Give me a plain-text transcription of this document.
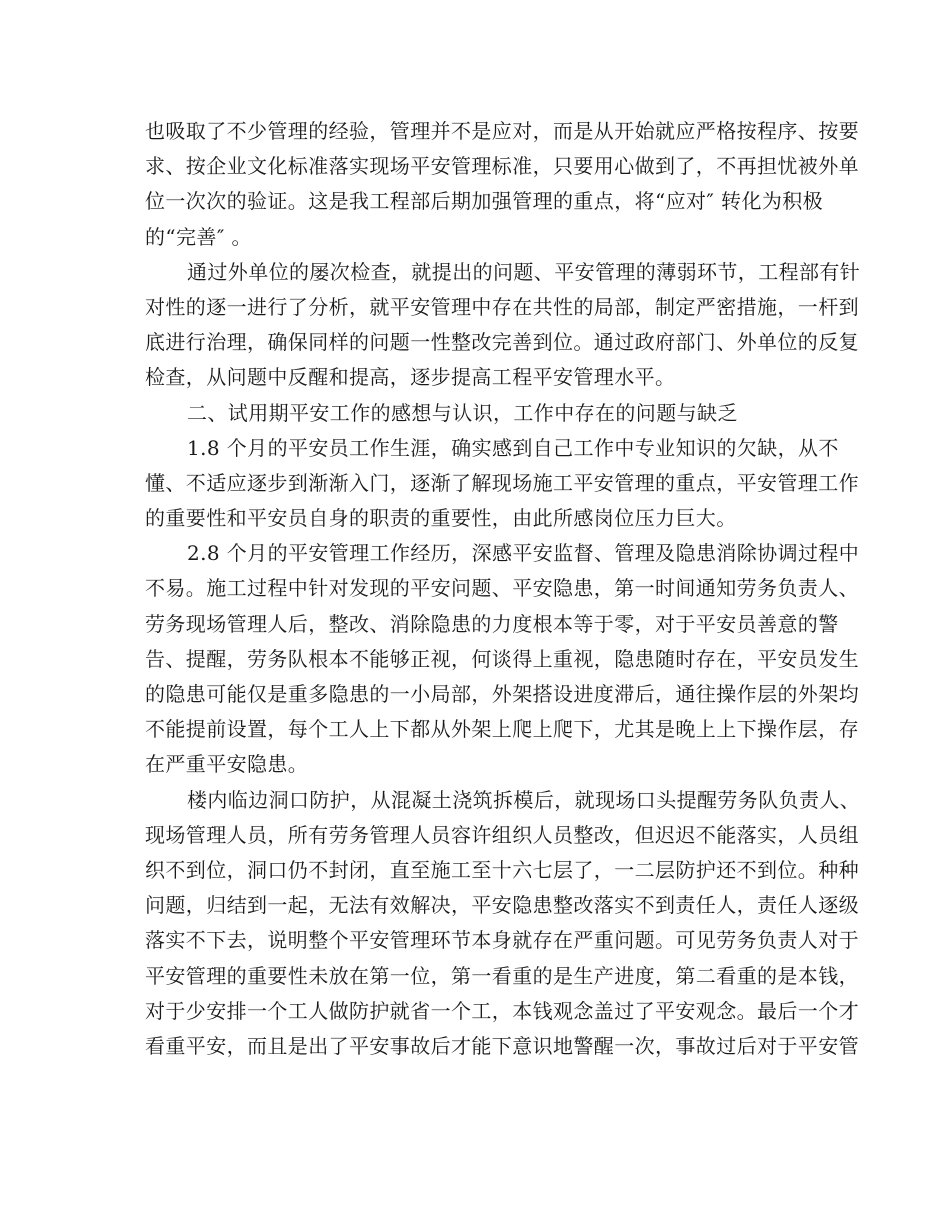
也吸取了不少管理的经验，管理并不是应对，而是从开始就应严格按程序、按要
求、按企业文化标准落实现场平安管理标准，只要用心做到了，不再担忧被外单
位一次次的验证。这是我工程部后期加强管理的重点，将“应对″ 转化为积极
的“完善″ 。
通过外单位的屡次检查，就提出的问题、平安管理的薄弱环节，工程部有针
对性的逐一进行了分析，就平安管理中存在共性的局部，制定严密措施，一杆到
底进行治理，确保同样的问题一性整改完善到位。通过政府部门、外单位的反复
检查，从问题中反醒和提高，逐步提高工程平安管理水平。
二、试用期平安工作的感想与认识，工作中存在的问题与缺乏
1.8 个月的平安员工作生涯，确实感到自己工作中专业知识的欠缺，从不
懂、不适应逐步到渐渐入门，逐渐了解现场施工平安管理的重点，平安管理工作
的重要性和平安员自身的职责的重要性，由此所感岗位压力巨大。
2.8 个月的平安管理工作经历，深感平安监督、管理及隐患消除协调过程中
不易。施工过程中针对发现的平安问题、平安隐患，第一时间通知劳务负责人、
劳务现场管理人后，整改、消除隐患的力度根本等于零，对于平安员善意的警
告、提醒，劳务队根本不能够正视，何谈得上重视，隐患随时存在，平安员发生
的隐患可能仅是重多隐患的一小局部，外架搭设进度滞后，通往操作层的外架均
不能提前设置，每个工人上下都从外架上爬上爬下，尤其是晚上上下操作层，存
在严重平安隐患。
楼内临边洞口防护，从混凝土浇筑拆模后，就现场口头提醒劳务队负责人、
现场管理人员，所有劳务管理人员容许组织人员整改，但迟迟不能落实，人员组
织不到位，洞口仍不封闭，直至施工至十六七层了，一二层防护还不到位。种种
问题，归结到一起，无法有效解决，平安隐患整改落实不到责任人，责任人逐级
落实不下去，说明整个平安管理环节本身就存在严重问题。可见劳务负责人对于
平安管理的重要性未放在第一位，第一看重的是生产进度，第二看重的是本钱，
对于少安排一个工人做防护就省一个工，本钱观念盖过了平安观念。最后一个才
看重平安，而且是出了平安事故后才能下意识地警醒一次，事故过后对于平安管
